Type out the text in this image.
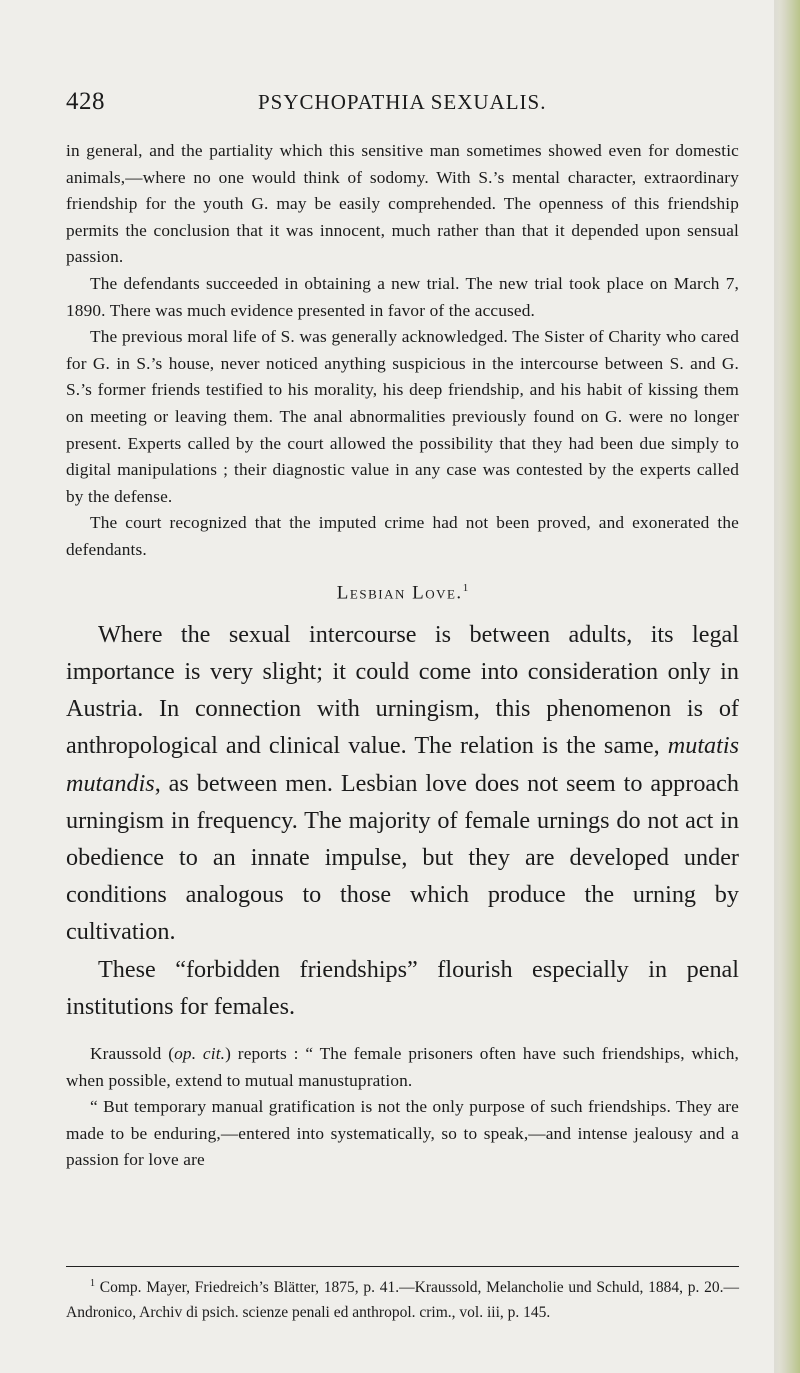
428	PSYCHOPATHIA SEXUALIS.

in general, and the partiality which this sensitive man sometimes showed even for domestic animals,—where no one would think of sodomy. With S.’s mental character, extraordinary friendship for the youth G. may be easily comprehended. The openness of this friendship permits the conclusion that it was innocent, much rather than that it depended upon sensual passion.

The defendants succeeded in obtaining a new trial. The new trial took place on March 7, 1890. There was much evidence presented in favor of the accused.

The previous moral life of S. was generally acknowledged. The Sister of Charity who cared for G. in S.’s house, never noticed anything suspicious in the intercourse between S. and G. S.’s former friends testified to his morality, his deep friendship, and his habit of kissing them on meeting or leaving them. The anal abnormalities previously found on G. were no longer present. Experts called by the court allowed the possibility that they had been due simply to digital manipulations ; their diagnostic value in any case was contested by the experts called by the defense.

The court recognized that the imputed crime had not been proved, and exonerated the defendants.

Lesbian Love.$^1$

Where the sexual intercourse is between adults, its legal importance is very slight; it could come into consideration only in Austria. In connection with urningism, this phenomenon is of anthropological and clinical value. The relation is the same, mutatis mutandis, as between men. Lesbian love does not seem to approach urningism in frequency. The majority of female urnings do not act in obedience to an innate impulse, but they are developed under conditions analogous to those which produce the urning by cultivation.

These “forbidden friendships” flourish especially in penal institutions for females.

Kraussold (op. cit.) reports : “ The female prisoners often have such friendships, which, when possible, extend to mutual manustupration.

“ But temporary manual gratification is not the only purpose of such friendships. They are made to be enduring,—entered into systematically, so to speak,—and intense jealousy and a passion for love are

$^1$ Comp. Mayer, Friedreich’s Blätter, 1875, p. 41.—Kraussold, Melancholie und Schuld, 1884, p. 20.—Andronico, Archiv di psich. scienze penali ed anthropol. crim., vol. iii, p. 145.
